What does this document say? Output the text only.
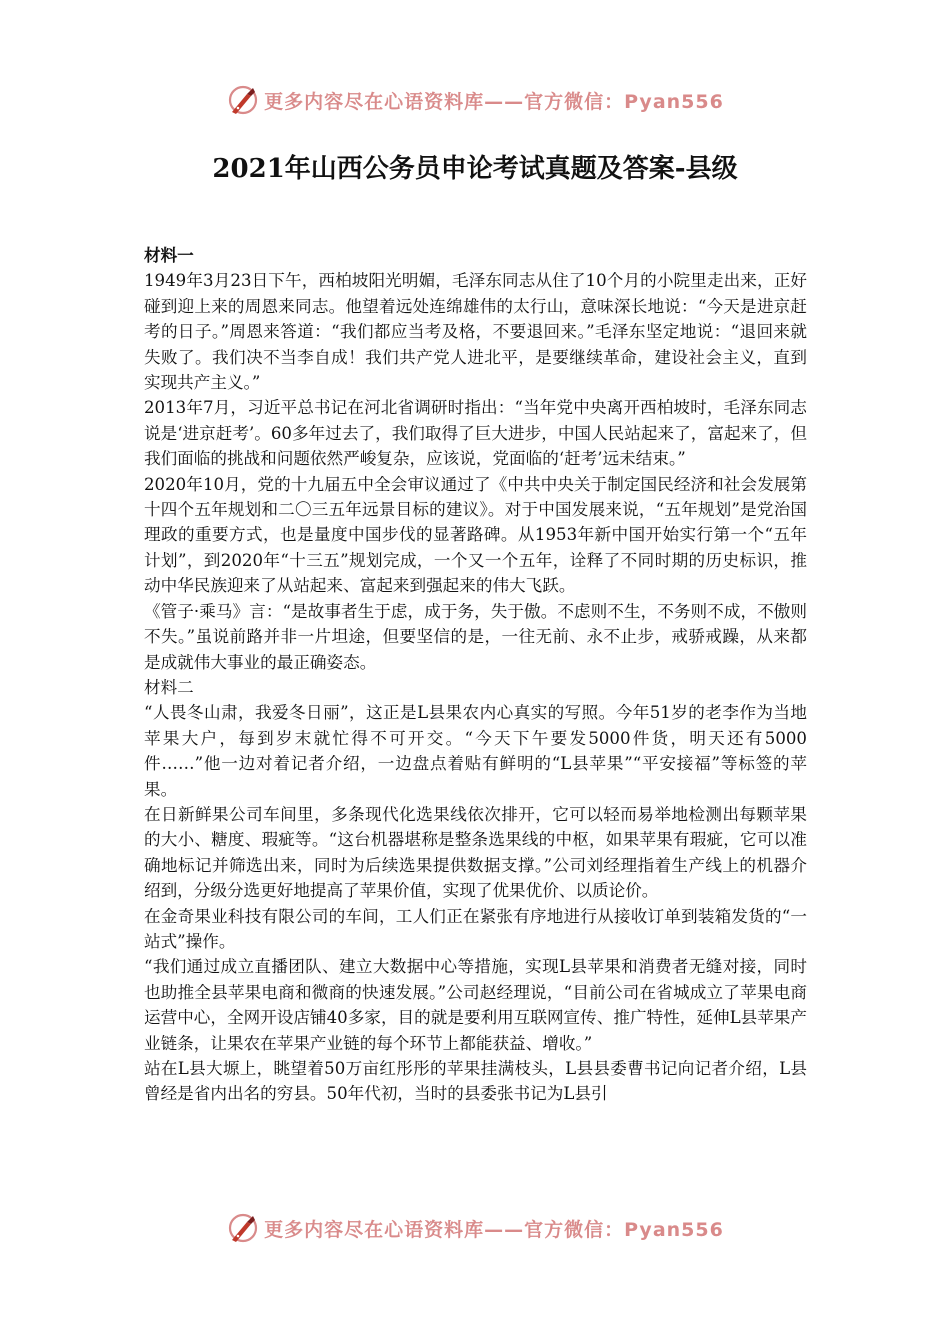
更多内容尽在心语资料库——官方微信：Pyan556
2021年山西公务员申论考试真题及答案-县级

材料一

1949年3月23日下午，西柏坡阳光明媚，毛泽东同志从住了10个月的小院里走出来，正好碰到迎上来的周恩来同志。他望着远处连绵雄伟的太行山，意味深长地说：“今天是进京赶考的日子。”周恩来答道：“我们都应当考及格，不要退回来。”毛泽东坚定地说：“退回来就失败了。我们决不当李自成！我们共产党人进北平，是要继续革命，建设社会主义，直到实现共产主义。”

2013年7月，习近平总书记在河北省调研时指出：“当年党中央离开西柏坡时，毛泽东同志说是‘进京赶考’。60多年过去了，我们取得了巨大进步，中国人民站起来了，富起来了，但我们面临的挑战和问题依然严峻复杂，应该说，党面临的‘赶考’远未结束。”

2020年10月，党的十九届五中全会审议通过了《中共中央关于制定国民经济和社会发展第十四个五年规划和二〇三五年远景目标的建议》。对于中国发展来说，“五年规划”是党治国理政的重要方式，也是量度中国步伐的显著路碑。从1953年新中国开始实行第一个“五年计划”，到2020年“十三五”规划完成，一个又一个五年，诠释了不同时期的历史标识，推动中华民族迎来了从站起来、富起来到强起来的伟大飞跃。

《管子·乘马》言：“是故事者生于虑，成于务，失于傲。不虑则不生，不务则不成，不傲则不失。”虽说前路并非一片坦途，但要坚信的是，一往无前、永不止步，戒骄戒躁，从来都是成就伟大事业的最正确姿态。

材料二

“人畏冬山肃，我爱冬日丽”，这正是L县果农内心真实的写照。今年51岁的老李作为当地苹果大户，每到岁末就忙得不可开交。“今天下午要发5000件货，明天还有5000件……”他一边对着记者介绍，一边盘点着贴有鲜明的“L县苹果”“平安接福”等标签的苹果。

在日新鲜果公司车间里，多条现代化选果线依次排开，它可以轻而易举地检测出每颗苹果的大小、糖度、瑕疵等。“这台机器堪称是整条选果线的中枢，如果苹果有瑕疵，它可以准确地标记并筛选出来，同时为后续选果提供数据支撑。”公司刘经理指着生产线上的机器介绍到，分级分选更好地提高了苹果价值，实现了优果优价、以质论价。

在金奇果业科技有限公司的车间，工人们正在紧张有序地进行从接收订单到装箱发货的“一站式”操作。

“我们通过成立直播团队、建立大数据中心等措施，实现L县苹果和消费者无缝对接，同时也助推全县苹果电商和微商的快速发展。”公司赵经理说，“目前公司在省城成立了苹果电商运营中心，全网开设店铺40多家，目的就是要利用互联网宣传、推广特性，延伸L县苹果产业链条，让果农在苹果产业链的每个环节上都能获益、增收。”

站在L县大塬上，眺望着50万亩红彤彤的苹果挂满枝头，L县县委曹书记向记者介绍，L县曾经是省内出名的穷县。50年代初，当时的县委张书记为L县引

更多内容尽在心语资料库——官方微信：Pyan556
